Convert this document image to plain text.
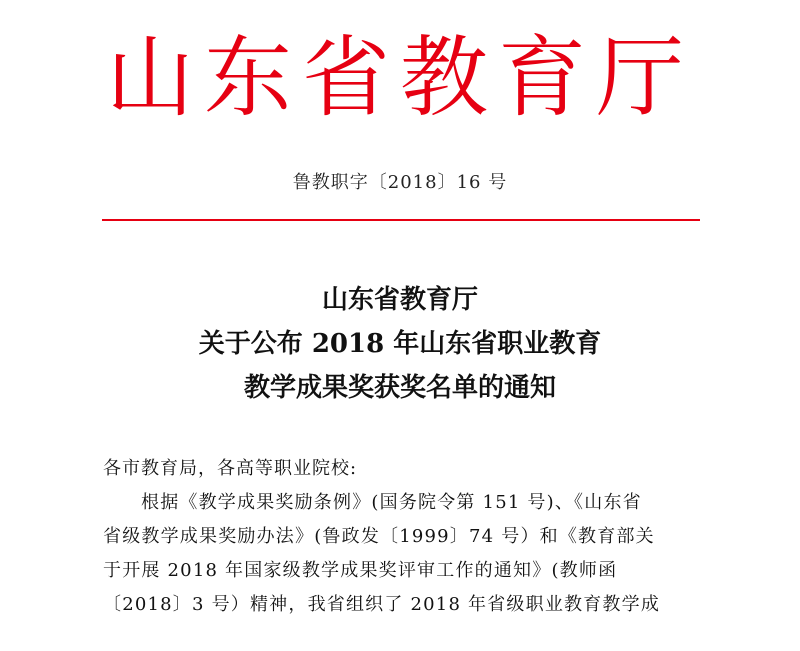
山东省教育厅
鲁教职字〔2018〕16 号
山东省教育厅
关于公布 2018 年山东省职业教育
教学成果奖获奖名单的通知
各市教育局，各高等职业院校:
根据《教学成果奖励条例》(国务院令第 151 号)、《山东省
省级教学成果奖励办法》(鲁政发〔1999〕74 号）和《教育部关
于开展 2018 年国家级教学成果奖评审工作的通知》(教师函
〔2018〕3 号）精神，我省组织了 2018 年省级职业教育教学成
